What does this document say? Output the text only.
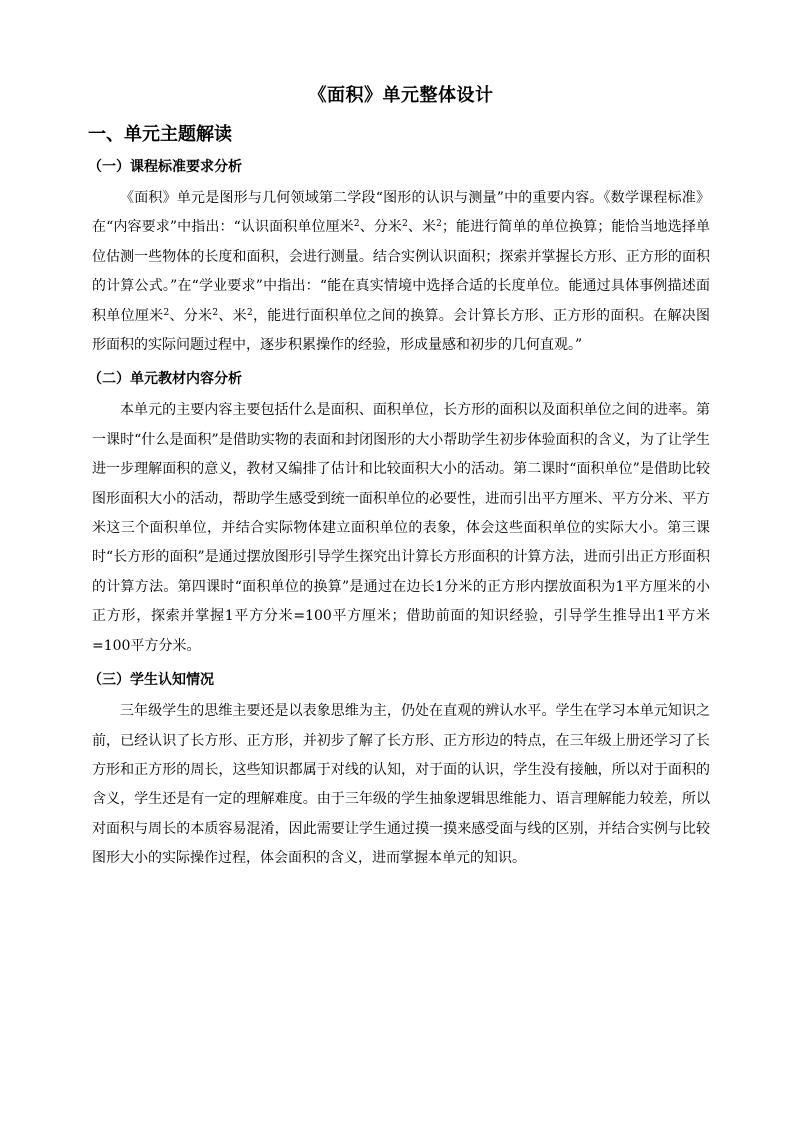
《面积》单元整体设计
一、单元主题解读
（一）课程标准要求分析

《面积》单元是图形与几何领域第二学段“图形的认识与测量”中的重要内容。《数学课程标准》在“内容要求”中指出：“认识面积单位厘米$^2$、分米$^2$、米$^2$；能进行简单的单位换算；能恰当地选择单位估测一些物体的长度和面积，会进行测量。结合实例认识面积；探索并掌握长方形、正方形的面积的计算公式。”在“学业要求”中指出：“能在真实情境中选择合适的长度单位。能通过具体事例描述面积单位厘米$^2$、分米$^2$、米$^2$，能进行面积单位之间的换算。会计算长方形、正方形的面积。在解决图形面积的实际问题过程中，逐步积累操作的经验，形成量感和初步的几何直观。”

（二）单元教材内容分析

本单元的主要内容主要包括什么是面积、面积单位，长方形的面积以及面积单位之间的进率。第一课时“什么是面积”是借助实物的表面和封闭图形的大小帮助学生初步体验面积的含义，为了让学生进一步理解面积的意义，教材又编排了估计和比较面积大小的活动。第二课时“面积单位”是借助比较图形面积大小的活动，帮助学生感受到统一面积单位的必要性，进而引出平方厘米、平方分米、平方米这三个面积单位，并结合实际物体建立面积单位的表象，体会这些面积单位的实际大小。第三课时“长方形的面积”是通过摆放图形引导学生探究出计算长方形面积的计算方法，进而引出正方形面积的计算方法。第四课时“面积单位的换算”是通过在边长1分米的正方形内摆放面积为1平方厘米的小正方形，探索并掌握1平方分米=100平方厘米；借助前面的知识经验，引导学生推导出1平方米=100平方分米。

（三）学生认知情况

三年级学生的思维主要还是以表象思维为主，仍处在直观的辨认水平。学生在学习本单元知识之前，已经认识了长方形、正方形，并初步了解了长方形、正方形边的特点，在三年级上册还学习了长方形和正方形的周长，这些知识都属于对线的认知，对于面的认识，学生没有接触，所以对于面积的含义，学生还是有一定的理解难度。由于三年级的学生抽象逻辑思维能力、语言理解能力较差，所以对面积与周长的本质容易混淆，因此需要让学生通过摸一摸来感受面与线的区别，并结合实例与比较图形大小的实际操作过程，体会面积的含义，进而掌握本单元的知识。
